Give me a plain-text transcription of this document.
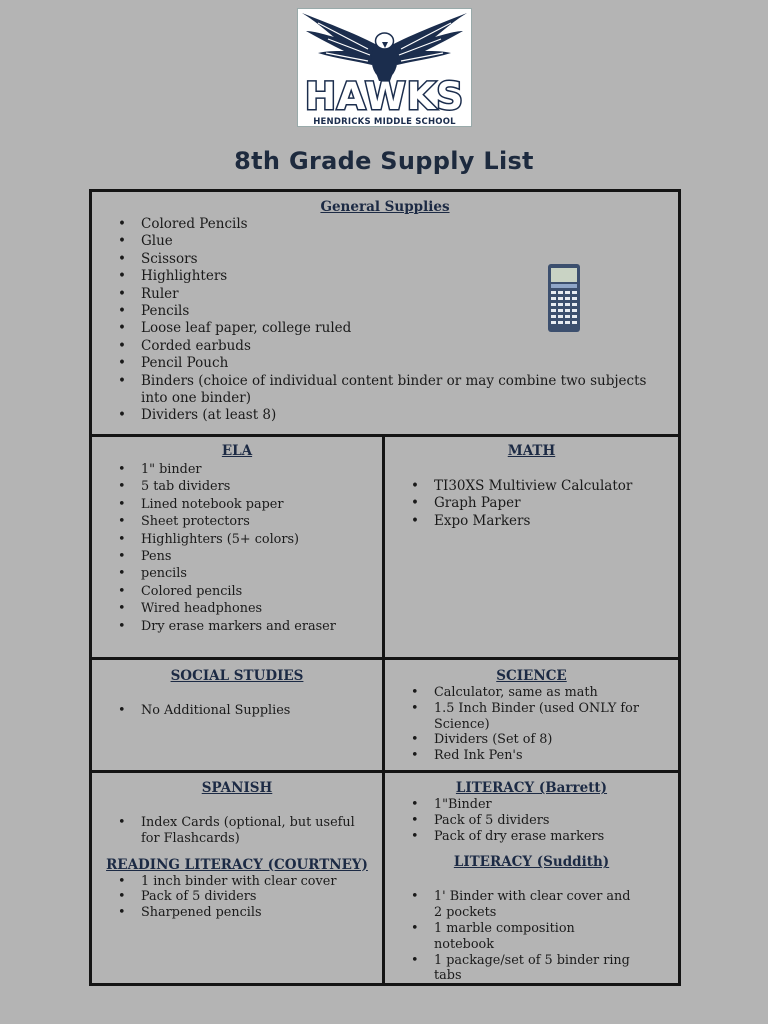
HAWKS
HENDRICKS MIDDLE SCHOOL
8th Grade Supply List
General Supplies
• Colored Pencils
• Glue
• Scissors
• Highlighters
• Ruler
• Pencils
• Loose leaf paper, college ruled
• Corded earbuds
• Pencil Pouch
• Binders (choice of individual content binder or may combine two subjects into one binder)
• Dividers (at least 8)
ELA
• 1" binder
• 5 tab dividers
• Lined notebook paper
• Sheet protectors
• Highlighters (5+ colors)
• Pens
• pencils
• Colored pencils
• Wired headphones
• Dry erase markers and eraser
MATH
• TI30XS Multiview Calculator
• Graph Paper
• Expo Markers
SOCIAL STUDIES
• No Additional Supplies
SCIENCE
• Calculator, same as math
• 1.5 Inch Binder (used ONLY for Science)
• Dividers (Set of 8)
• Red Ink Pen's
SPANISH
• Index Cards (optional, but useful for Flashcards)
READING LITERACY (COURTNEY)
• 1 inch binder with clear cover
• Pack of 5 dividers
• Sharpened pencils
LITERACY (Barrett)
• 1"Binder
• Pack of 5 dividers
• Pack of dry erase markers
LITERACY (Suddith)
• 1' Binder with clear cover and 2 pockets
• 1 marble composition notebook
• 1 package/set of 5 binder ring tabs
